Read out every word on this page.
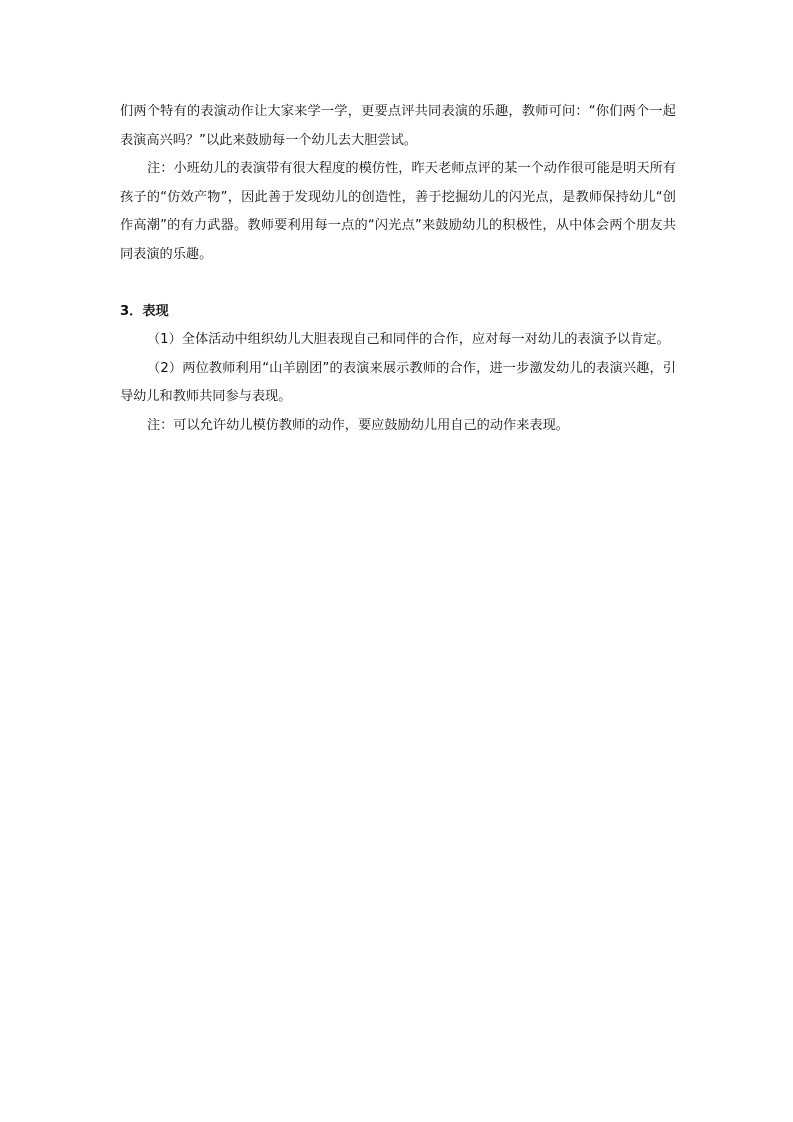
们两个特有的表演动作让大家来学一学，更要点评共同表演的乐趣，教师可问：“你们两个一起表演高兴吗？”以此来鼓励每一个幼儿去大胆尝试。

注：小班幼儿的表演带有很大程度的模仿性，昨天老师点评的某一个动作很可能是明天所有孩子的“仿效产物”，因此善于发现幼儿的创造性，善于挖掘幼儿的闪光点，是教师保持幼儿“创作高潮”的有力武器。教师要利用每一点的“闪光点”来鼓励幼儿的积极性，从中体会两个朋友共同表演的乐趣。

3．表现

（1）全体活动中组织幼儿大胆表现自己和同伴的合作，应对每一对幼儿的表演予以肯定。

（2）两位教师利用“山羊剧团”的表演来展示教师的合作，进一步激发幼儿的表演兴趣，引导幼儿和教师共同参与表现。

注：可以允许幼儿模仿教师的动作，要应鼓励幼儿用自己的动作来表现。
